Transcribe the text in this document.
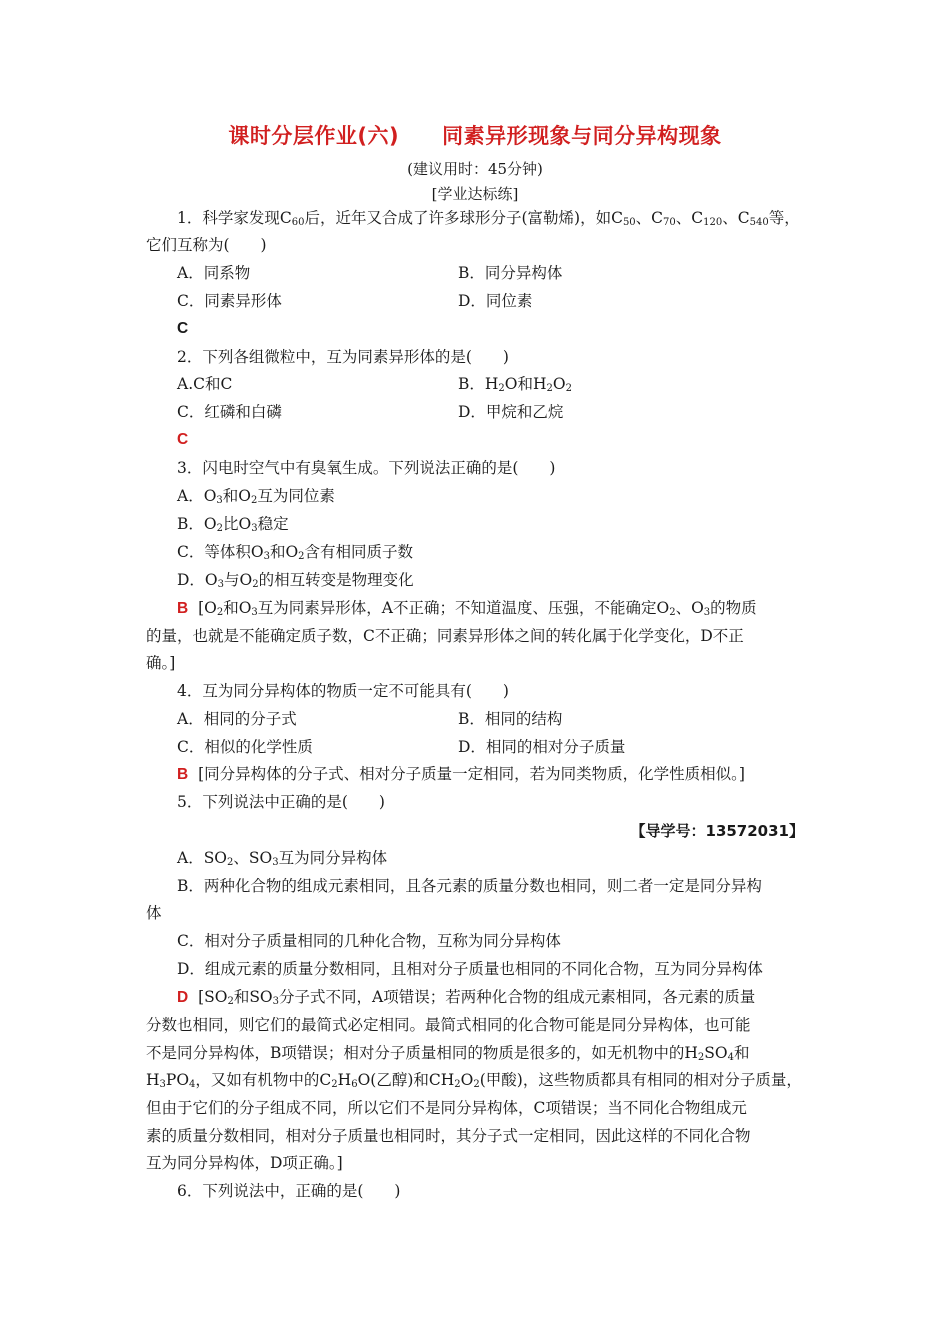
课时分层作业(六)　　同素异形现象与同分异构现象
(建议用时：45分钟)
[学业达标练]
1．科学家发现$C_{60}$后，近年又合成了许多球形分子(富勒烯)，如$C_{50}$、$C_{70}$、$C_{120}$、$C_{540}$等，
它们互称为(　　)
A．同系物	B．同分异构体
C．同素异形体	D．同位素
C
2．下列各组微粒中，互为同素异形体的是(　　)
A.C和C	B．$H_2O$和$H_2O_2$
C．红磷和白磷	D．甲烷和乙烷
C
3．闪电时空气中有臭氧生成。下列说法正确的是(　　)
A．$O_3$和$O_2$互为同位素
B．$O_2$比$O_3$稳定
C．等体积$O_3$和$O_2$含有相同质子数
D．$O_3$与$O_2$的相互转变是物理变化
B [$O_2$和$O_3$互为同素异形体，A不正确；不知道温度、压强，不能确定$O_2$、$O_3$的物质
的量，也就是不能确定质子数，C不正确；同素异形体之间的转化属于化学变化，D不正
确。]
4．互为同分异构体的物质一定不可能具有(　　)
A．相同的分子式	B．相同的结构
C．相似的化学性质	D．相同的相对分子质量
B [同分异构体的分子式、相对分子质量一定相同，若为同类物质，化学性质相似。]
5．下列说法中正确的是(　　)
【导学号：13572031】
A．$SO_2$、$SO_3$互为同分异构体
B．两种化合物的组成元素相同，且各元素的质量分数也相同，则二者一定是同分异构
体
C．相对分子质量相同的几种化合物，互称为同分异构体
D．组成元素的质量分数相同，且相对分子质量也相同的不同化合物，互为同分异构体
D [$SO_2$和$SO_3$分子式不同，A项错误；若两种化合物的组成元素相同，各元素的质量
分数也相同，则它们的最简式必定相同。最简式相同的化合物可能是同分异构体，也可能
不是同分异构体，B项错误；相对分子质量相同的物质是很多的，如无机物中的$H_2SO_4$和
$H_3PO_4$，又如有机物中的$C_2H_6O$(乙醇)和$CH_2O_2$(甲酸)，这些物质都具有相同的相对分子质量，
但由于它们的分子组成不同，所以它们不是同分异构体，C项错误；当不同化合物组成元
素的质量分数相同，相对分子质量也相同时，其分子式一定相同，因此这样的不同化合物
互为同分异构体，D项正确。]
6．下列说法中，正确的是(　　)
